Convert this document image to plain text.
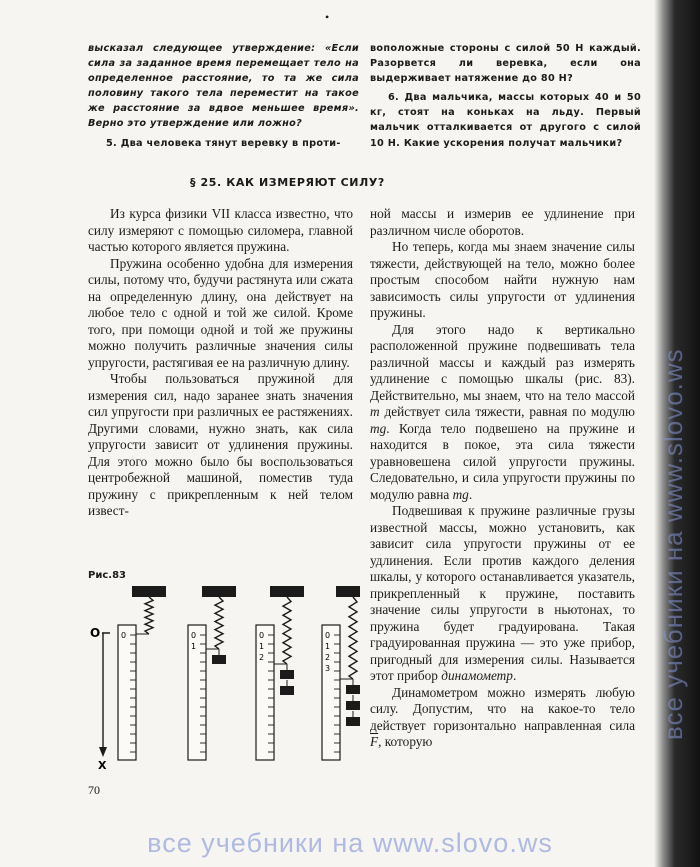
все учебники на www.slovo.ws
•

высказал следующее утверждение: «Если сила за заданное время перемещает тело на определенное расстояние, то та же сила половину такого тела переместит на такое же расстояние за вдвое меньшее время». Верно это утверждение или ложно?

5. Два человека тянут веревку в проти-

воположные стороны с силой 50 Н каждый. Разорвется ли веревка, если она выдерживает натяжение до 80 Н?

6. Два мальчика, массы которых 40 и 50 кг, стоят на коньках на льду. Первый мальчик отталкивается от другого с силой 10 Н. Какие ускорения получат мальчики?

§ 25. КАК ИЗМЕРЯЮТ СИЛУ?

Из курса физики VII класса известно, что силу измеряют с помощью силомера, главной частью которого является пружина.

Пружина особенно удобна для измерения силы, потому что, будучи растянута или сжата на определенную длину, она действует на любое тело с одной и той же силой. Кроме того, при помощи одной и той же пружины можно получить различные значения силы упругости, растягивая ее на различную длину.

Чтобы пользоваться пружиной для измерения сил, надо заранее знать значения сил упругости при различных ее растяжениях. Другими словами, нужно знать, как сила упругости зависит от удлинения пружины. Для этого можно было бы воспользоваться центробежной машиной, поместив туда пружину с прикрепленным к ней телом извест-

ной массы и измерив ее удлинение при различном числе оборотов.

Но теперь, когда мы знаем значение силы тяжести, действующей на тело, можно более простым способом найти нужную нам зависимость силы упругости от удлинения пружины.

Для этого надо к вертикально расположенной пружине подвешивать тела различной массы и каждый раз измерять удлинение с помощью шкалы (рис. 83). Действительно, мы знаем, что на тело массой m действует сила тяжести, равная по модулю mg. Когда тело подвешено на пружине и находится в покое, эта сила тяжести уравновешена силой упругости пружины. Следовательно, и сила упругости пружины по модулю равна mg.

Подвешивая к пружине различные грузы известной массы, можно установить, как зависит сила упругости пружины от ее удлинения. Если против каждого деления шкалы, у которого останавливается указатель, прикрепленный к пружине, поставить значение силы упругости в ньютонах, то пружина будет градуирована. Такая градуированная пружина — это уже прибор, пригодный для измерения силы. Называется этот прибор динамометр.

Динамометром можно измерять любую силу. Допустим, что на какое-то тело действует горизонтально направленная сила $\overline{F}$, которую

Рис.83

O
X
0	0
1
0
1
2
0
1
2
3

70

все учебники на www.slovo.ws
